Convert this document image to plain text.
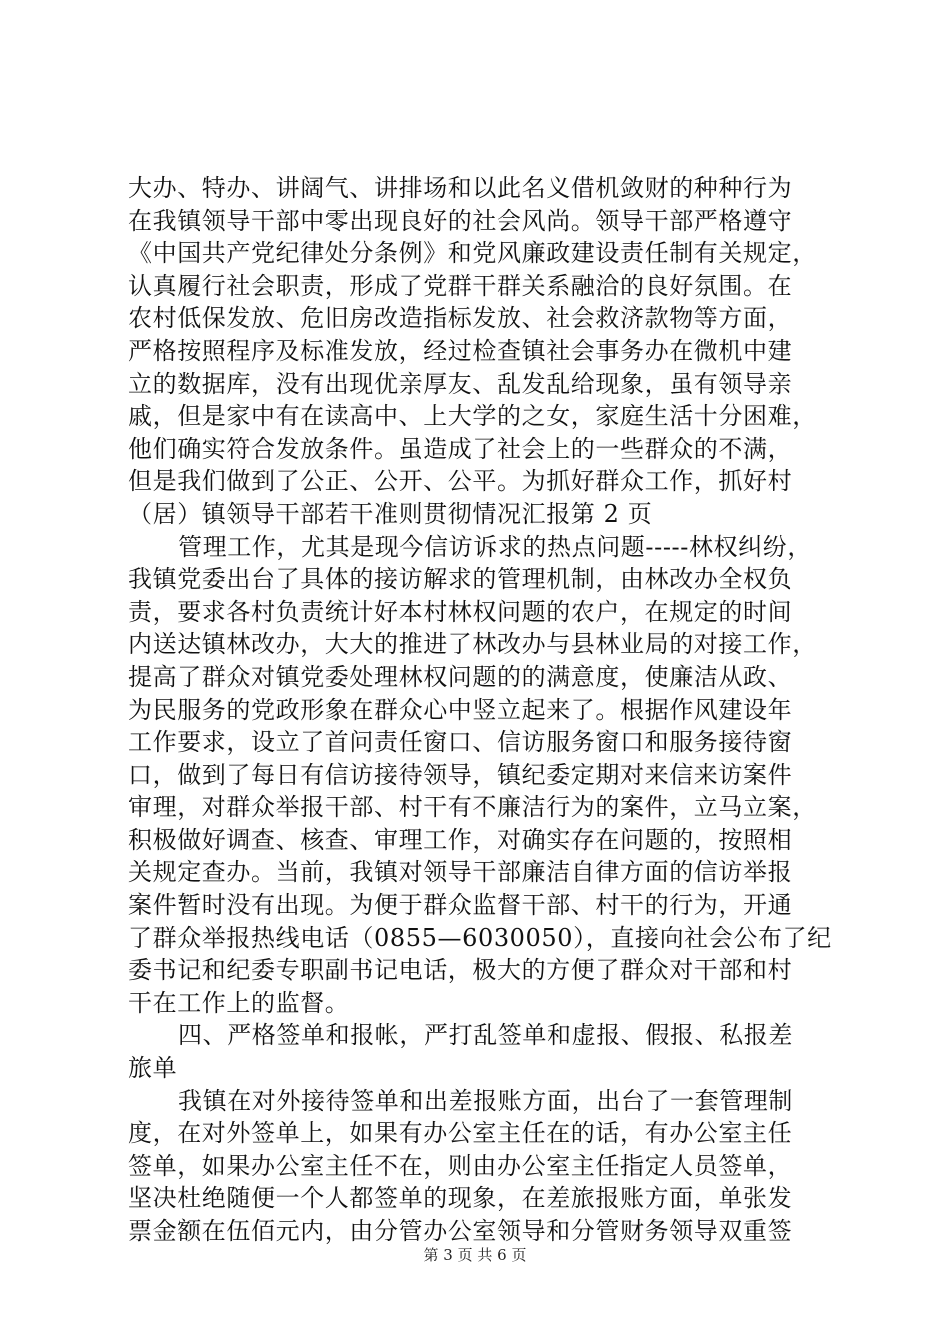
大办、特办、讲阔气、讲排场和以此名义借机敛财的种种行为
在我镇领导干部中零出现良好的社会风尚。领导干部严格遵守
《中国共产党纪律处分条例》和党风廉政建设责任制有关规定，
认真履行社会职责，形成了党群干群关系融洽的良好氛围。在
农村低保发放、危旧房改造指标发放、社会救济款物等方面，
严格按照程序及标准发放，经过检查镇社会事务办在微机中建
立的数据库，没有出现优亲厚友、乱发乱给现象，虽有领导亲
戚，但是家中有在读高中、上大学的之女，家庭生活十分困难，
他们确实符合发放条件。虽造成了社会上的一些群众的不满，
但是我们做到了公正、公开、公平。为抓好群众工作，抓好村
（居）镇领导干部若干准则贯彻情况汇报第 2 页
管理工作，尤其是现今信访诉求的热点问题-----林权纠纷，
我镇党委出台了具体的接访解求的管理机制，由林改办全权负
责，要求各村负责统计好本村林权问题的农户，在规定的时间
内送达镇林改办，大大的推进了林改办与县林业局的对接工作，
提高了群众对镇党委处理林权问题的的满意度，使廉洁从政、
为民服务的党政形象在群众心中竖立起来了。根据作风建设年
工作要求，设立了首问责任窗口、信访服务窗口和服务接待窗
口，做到了每日有信访接待领导，镇纪委定期对来信来访案件
审理，对群众举报干部、村干有不廉洁行为的案件，立马立案，
积极做好调查、核查、审理工作，对确实存在问题的，按照相
关规定查办。当前，我镇对领导干部廉洁自律方面的信访举报
案件暂时没有出现。为便于群众监督干部、村干的行为，开通
了群众举报热线电话（0855—6030050），直接向社会公布了纪
委书记和纪委专职副书记电话，极大的方便了群众对干部和村
干在工作上的监督。
四、严格签单和报帐，严打乱签单和虚报、假报、私报差
旅单
我镇在对外接待签单和出差报账方面，出台了一套管理制
度，在对外签单上，如果有办公室主任在的话，有办公室主任
签单，如果办公室主任不在，则由办公室主任指定人员签单，
坚决杜绝随便一个人都签单的现象，在差旅报账方面，单张发
票金额在伍佰元内，由分管办公室领导和分管财务领导双重签
第 3 页 共 6 页
